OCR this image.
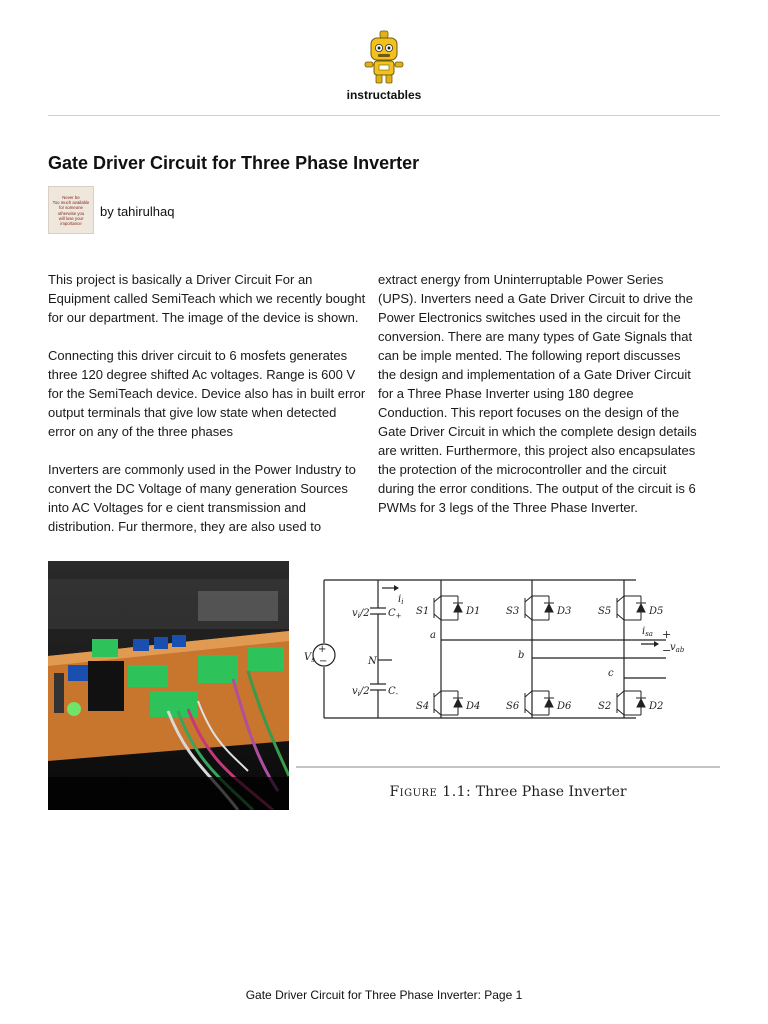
instructables
Gate Driver Circuit for Three Phase Inverter
Never be
Too much available
for someone
otherwise you
will lose your
importance
by tahirulhaq

This project is basically a Driver Circuit For an Equipment called SemiTeach which we recently bought for our department. The image of the device is shown.

Connecting this driver circuit to 6 mosfets generates three 120 degree shifted Ac voltages. Range is 600 V for the SemiTeach device. Device also has in built error output terminals that give low state when detected error on any of the three phases

Inverters are commonly used in the Power Industry to convert the DC Voltage of many generation Sources into AC Voltages for e cient transmission and distribution. Fur thermore, they are also used to

extract energy from Uninterruptable Power Series (UPS). Inverters need a Gate Driver Circuit to drive the Power Electronics switches used in the circuit for the conversion. There are many types of Gate Signals that can be imple mented. The following report discusses the design and implementation of a Gate Driver Circuit for a Three Phase Inverter using 180 degree Conduction. This report focuses on the design of the Gate Driver Circuit in which the complete design details are written. Furthermore, this project also encapsulates the protection of the microcontroller and the circuit during the error conditions. The output of the circuit is 6 PWMs for 3 legs of the Three Phase Inverter.

+
−
−
+
$V_s$
$v_i/2$ $C_+$
$v_i/2$ $C_-$
$i_i$
N
a
b
c
$i_{sa}$
$v_{ab}$
S1	D1	S3	D3	S5	D5
S4	D4	S6	D6	S2	D2
Figure 1.1: Three Phase Inverter
Gate Driver Circuit for Three Phase Inverter: Page 1
